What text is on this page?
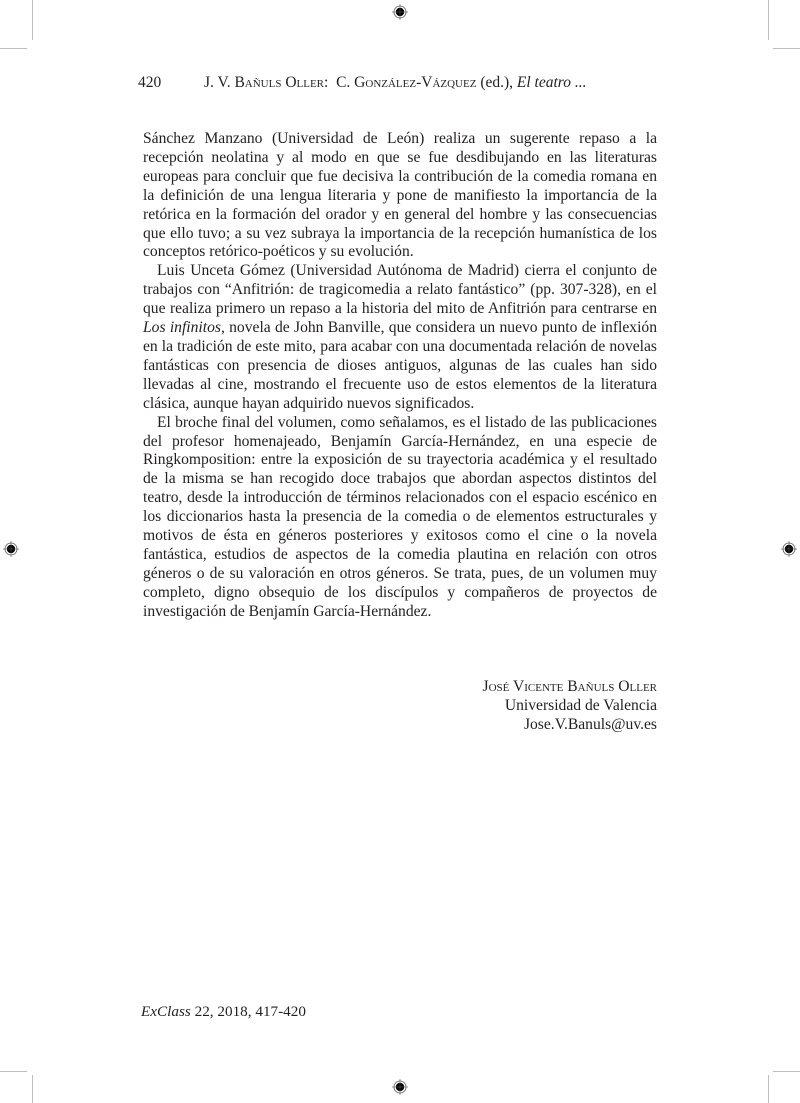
420	J. V. Bañuls Oller: C. González-Vázquez (ed.), El teatro ...

Sánchez Manzano (Universidad de León) realiza un sugerente repaso a la recepción neolatina y al modo en que se fue desdibujando en las literaturas europeas para concluir que fue decisiva la contribución de la comedia romana en la definición de una lengua literaria y pone de manifiesto la importancia de la retórica en la formación del orador y en general del hombre y las consecuencias que ello tuvo; a su vez subraya la importancia de la recepción humanística de los conceptos retórico-poéticos y su evolución.

Luis Unceta Gómez (Universidad Autónoma de Madrid) cierra el conjunto de trabajos con “Anfitrión: de tragicomedia a relato fantástico” (pp. 307-328), en el que realiza primero un repaso a la historia del mito de Anfitrión para centrarse en Los infinitos, novela de John Banville, que considera un nuevo punto de inflexión en la tradición de este mito, para acabar con una documentada relación de novelas fantásticas con presencia de dioses antiguos, algunas de las cuales han sido llevadas al cine, mostrando el frecuente uso de estos elementos de la literatura clásica, aunque hayan adquirido nuevos significados.

El broche final del volumen, como señalamos, es el listado de las publicaciones del profesor homenajeado, Benjamín García-Hernández, en una especie de Ringkomposition: entre la exposición de su trayectoria académica y el resultado de la misma se han recogido doce trabajos que abordan aspectos distintos del teatro, desde la introducción de términos relacionados con el espacio escénico en los diccionarios hasta la presencia de la comedia o de elementos estructurales y motivos de ésta en géneros posteriores y exitosos como el cine o la novela fantástica, estudios de aspectos de la comedia plautina en relación con otros géneros o de su valoración en otros géneros. Se trata, pues, de un volumen muy completo, digno obsequio de los discípulos y compañeros de proyectos de investigación de Benjamín García-Hernández.

José Vicente Bañuls Oller
Universidad de Valencia
Jose.V.Banuls@uv.es
ExClass 22, 2018, 417-420
